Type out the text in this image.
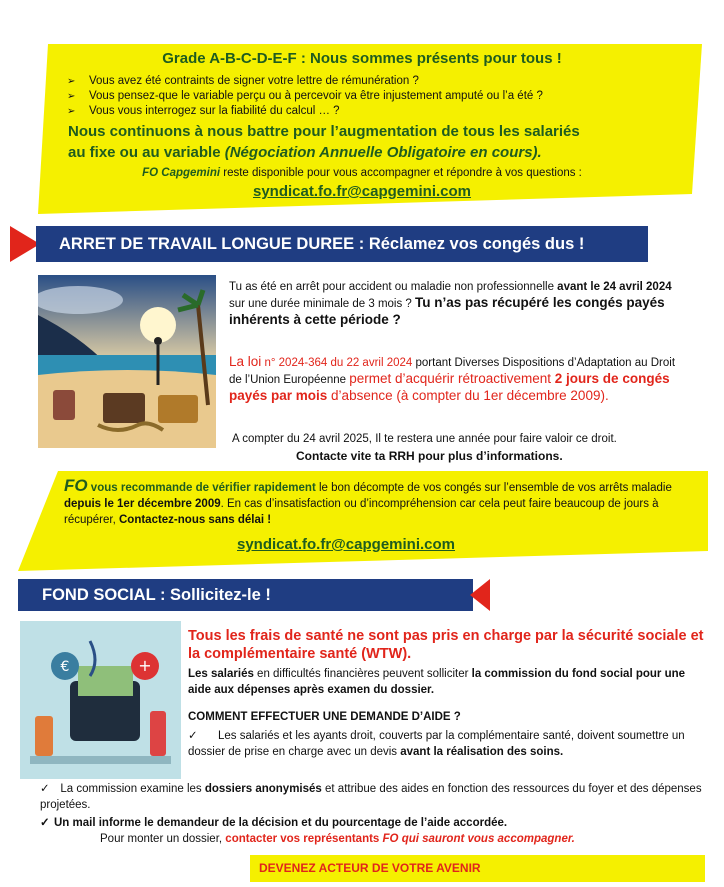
Grade A-B-C-D-E-F : Nous sommes présents pour tous !
➢ Vous avez été contraints de signer votre lettre de rémunération ?
➢ Vous pensez-que le variable perçu ou à percevoir va être injustement amputé ou l’a été ?
➢ Vous vous interrogez sur la fiabilité du calcul … ?
Nous continuons à nous battre pour l’augmentation de tous les salariés
au fixe ou au variable (Négociation Annuelle Obligatoire en cours).
FO Capgemini reste disponible pour vous accompagner et répondre à vos questions :
syndicat.fo.fr@capgemini.com
ARRET DE TRAVAIL LONGUE DUREE : Réclamez vos congés dus !
Tu as été en arrêt pour accident ou maladie non professionnelle avant le 24 avril 2024 sur une durée minimale de 3 mois ? Tu n’as pas récupéré les congés payés inhérents à cette période ?
La loi n° 2024-364 du 22 avril 2024 portant Diverses Dispositions d’Adaptation au Droit de l’Union Européenne permet d’acquérir rétroactivement 2 jours de congés payés par mois d’absence (à compter du 1er décembre 2009).
A compter du 24 avril 2025, Il te restera une année pour faire valoir ce droit.
Contacte vite ta RRH pour plus d’informations.
FO vous recommande de vérifier rapidement le bon décompte de vos congés sur l’ensemble de vos arrêts maladie depuis le 1er décembre 2009. En cas d’insatisfaction ou d’incompréhension car cela peut faire beaucoup de jours à récupérer, Contactez-nous sans délai !
syndicat.fo.fr@capgemini.com
FOND SOCIAL : Sollicitez-le !
€	+
Tous les frais de santé ne sont pas pris en charge par la sécurité sociale et la complémentaire santé (WTW).
Les salariés en difficultés financières peuvent solliciter la commission du fond social pour une aide aux dépenses après examen du dossier.
COMMENT EFFECTUER UNE DEMANDE D’AIDE ?
✓ Les salariés et les ayants droit, couverts par la complémentaire santé, doivent soumettre un dossier de prise en charge avec un devis avant la réalisation des soins.
✓ La commission examine les dossiers anonymisés et attribue des aides en fonction des ressources du foyer et des dépenses projetées.
✓ Un mail informe le demandeur de la décision et du pourcentage de l’aide accordée.
Pour monter un dossier, contacter vos représentants FO qui sauront vous accompagner.
DEVENEZ ACTEUR DE VOTRE AVENIR
